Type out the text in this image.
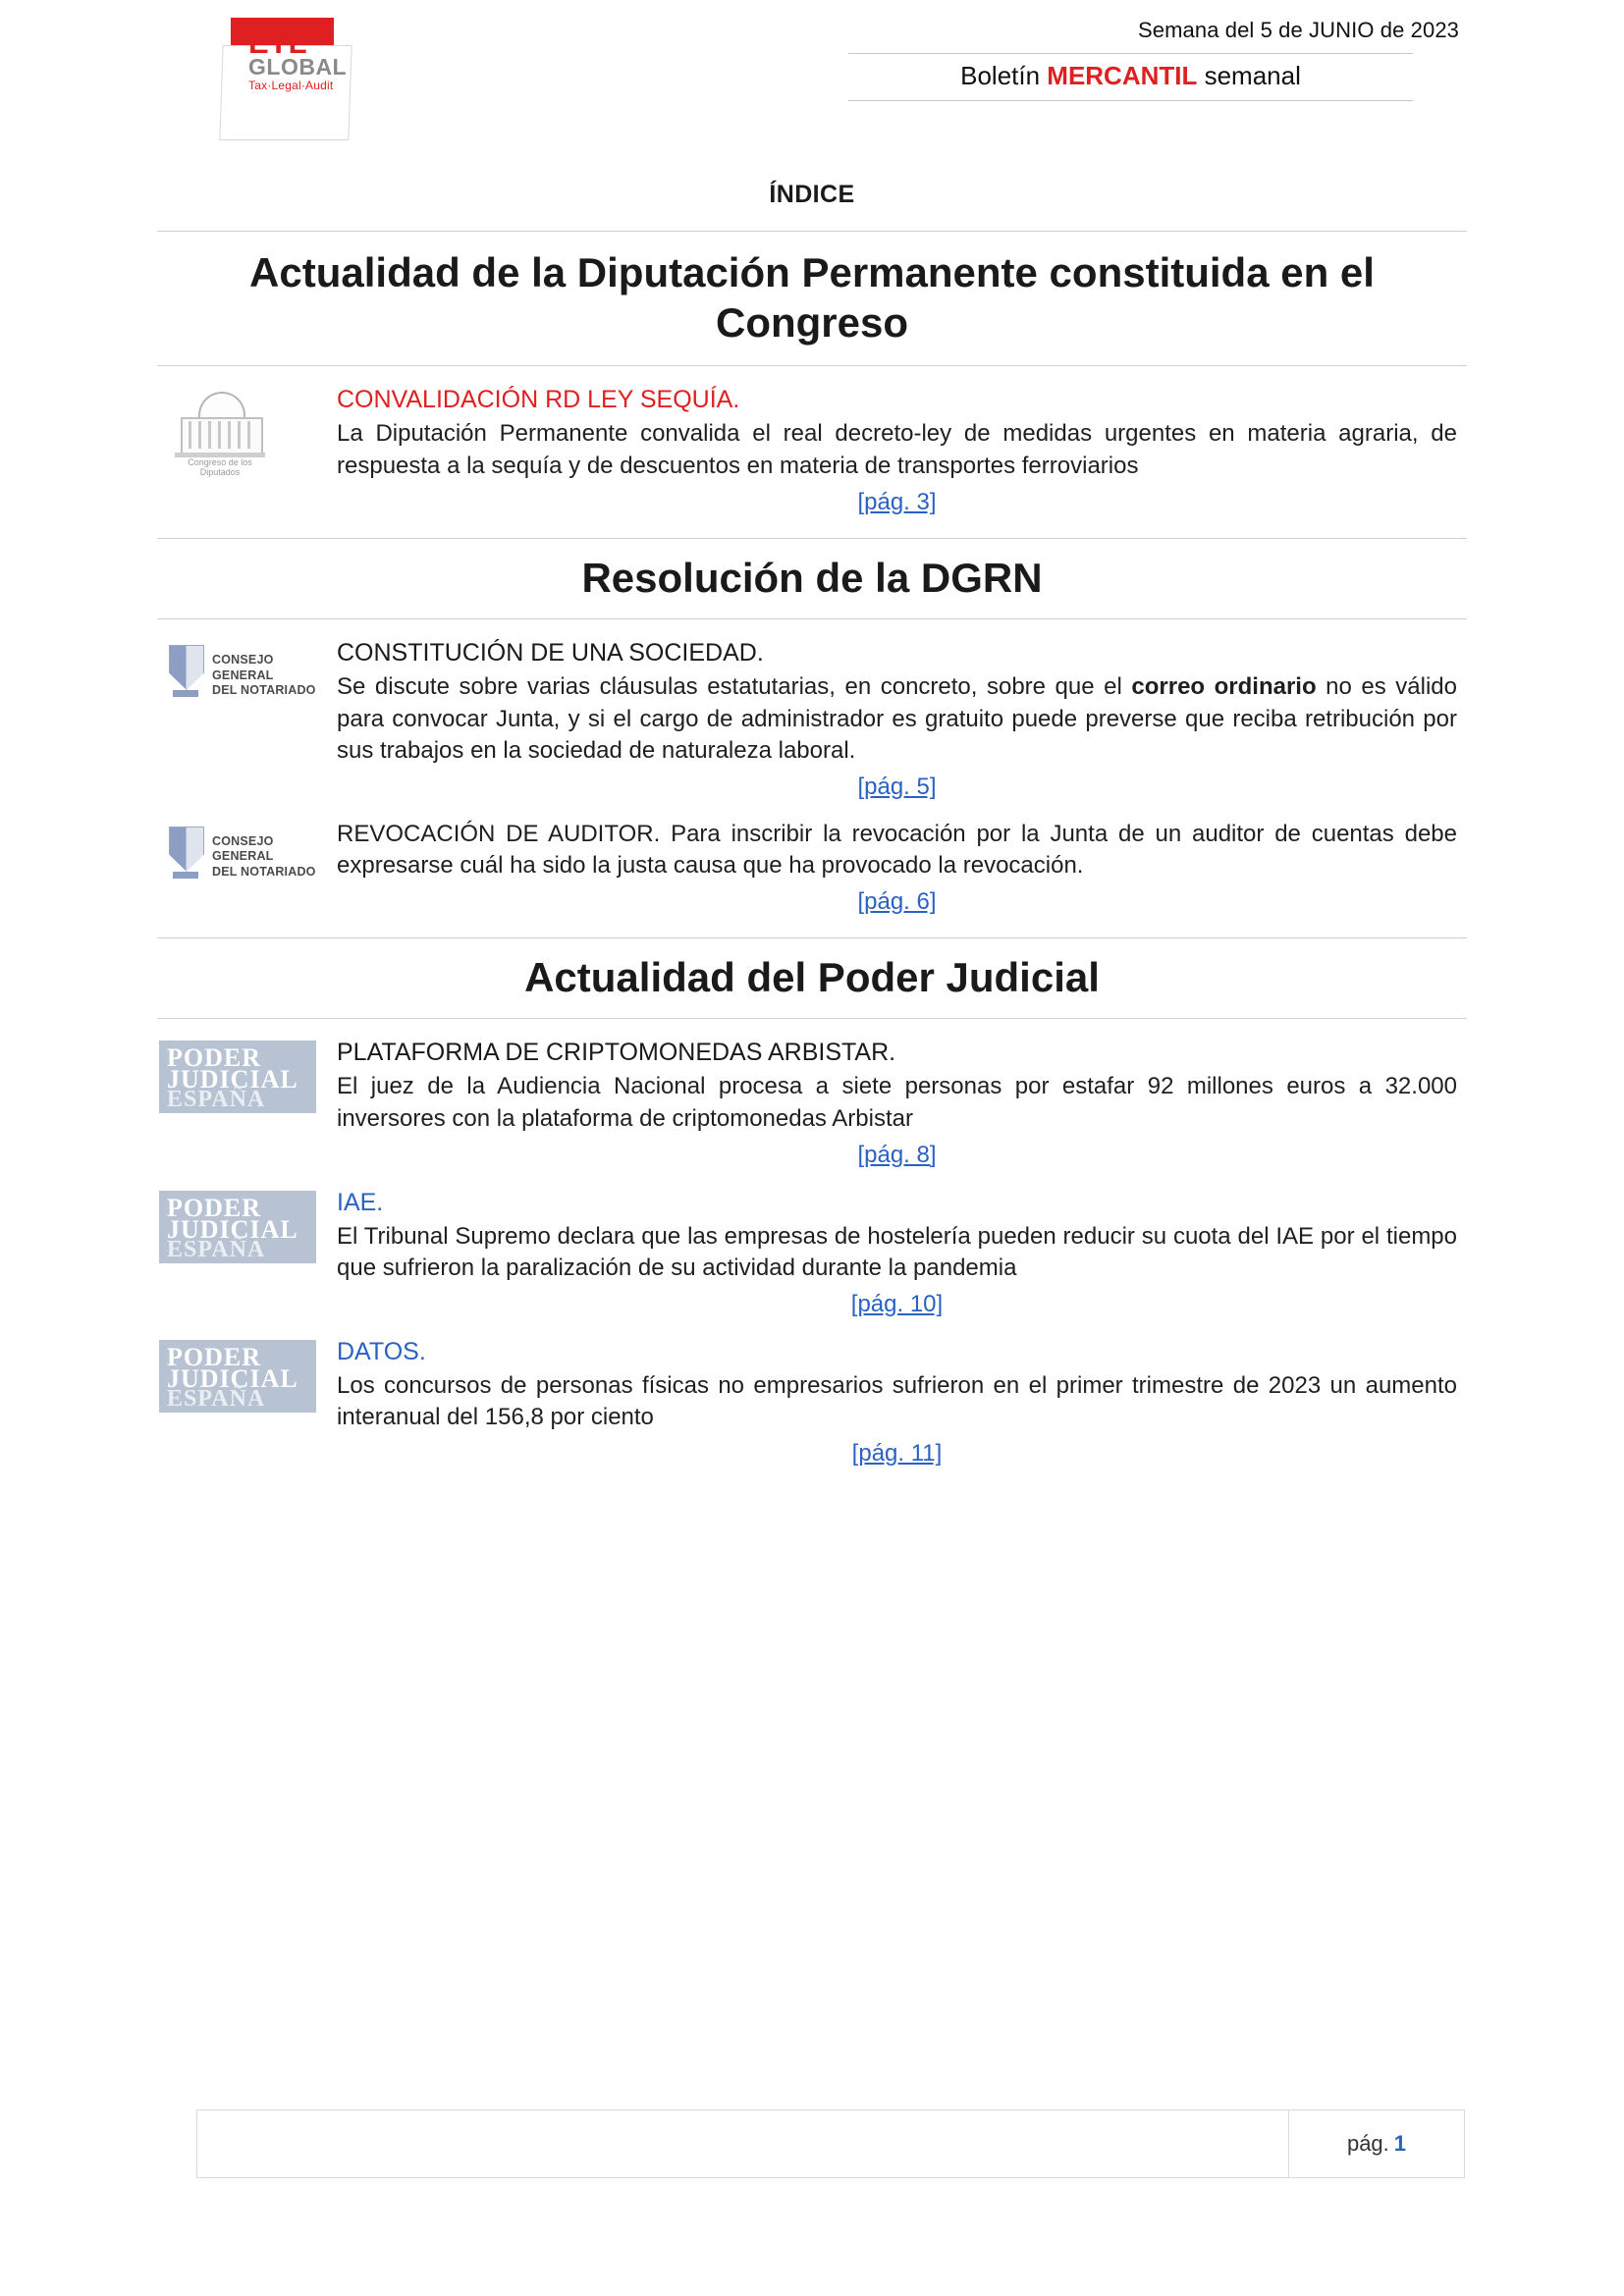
ETL
GLOBAL
Tax·Legal·Audit
Semana del 5 de JUNIO de 2023
Boletín MERCANTIL semanal
ÍNDICE
Actualidad de la Diputación Permanente constituida en el Congreso
Congreso de los Diputados
CONVALIDACIÓN RD LEY SEQUÍA.

La Diputación Permanente convalida el real decreto-ley de medidas urgentes en materia agraria, de respuesta a la sequía y de descuentos en materia de transportes ferroviarios

[pág. 3]
Resolución de la DGRN
CONSEJO GENERAL
DEL NOTARIADO
CONSTITUCIÓN DE UNA SOCIEDAD.

Se discute sobre varias cláusulas estatutarias, en concreto, sobre que el correo ordinario no es válido para convocar Junta, y si el cargo de administrador es gratuito puede preverse que reciba retribución por sus trabajos en la sociedad de naturaleza laboral.

[pág. 5]
CONSEJO GENERAL
DEL NOTARIADO

REVOCACIÓN DE AUDITOR. Para inscribir la revocación por la Junta de un auditor de cuentas debe expresarse cuál ha sido la justa causa que ha provocado la revocación.

[pág. 6]
Actualidad del Poder Judicial
PODER
JUDICIAL
ESPAÑA
PLATAFORMA DE CRIPTOMONEDAS ARBISTAR.

El juez de la Audiencia Nacional procesa a siete personas por estafar 92 millones euros a 32.000 inversores con la plataforma de criptomonedas Arbistar

[pág. 8]
PODER
JUDICIAL
ESPAÑA
IAE.

El Tribunal Supremo declara que las empresas de hostelería pueden reducir su cuota del IAE por el tiempo que sufrieron la paralización de su actividad durante la pandemia

[pág. 10]
PODER
JUDICIAL
ESPAÑA
DATOS.

Los concursos de personas físicas no empresarios sufrieron en el primer trimestre de 2023 un aumento interanual del 156,8 por ciento

[pág. 11]
pág. 1
